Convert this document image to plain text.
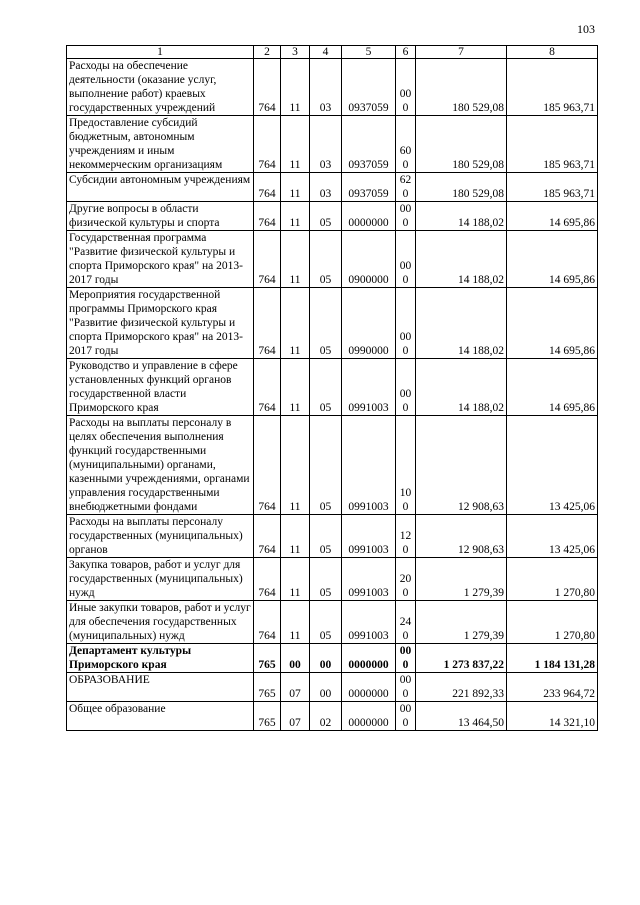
103
1	2	3	4	5	6	7	8
Расходы на обеспечение деятельности (оказание услуг, выполнение работ) краевых государственных учреждений	764	11	03	0937059	000	180 529,08	185 963,71
Предоставление субсидий бюджетным, автономным учреждениям и иным некоммерческим организациям	764	11	03	0937059	600	180 529,08	185 963,71
Субсидии автономным учреждениям	764	11	03	0937059	620	180 529,08	185 963,71
Другие вопросы в области физической культуры и спорта	764	11	05	0000000	000	14 188,02	14 695,86
Государственная программа "Развитие физической культуры и спорта Приморского края" на 2013-2017 годы	764	11	05	0900000	000	14 188,02	14 695,86
Мероприятия государственной программы Приморского края "Развитие физической культуры и спорта Приморского края" на 2013-2017 годы	764	11	05	0990000	000	14 188,02	14 695,86
Руководство и управление в сфере установленных функций органов государственной власти Приморского края	764	11	05	0991003	000	14 188,02	14 695,86
Расходы на выплаты персоналу в целях обеспечения выполнения функций государственными (муниципальными) органами, казенными учреждениями, органами управления государственными внебюджетными фондами	764	11	05	0991003	100	12 908,63	13 425,06
Расходы на выплаты персоналу государственных (муниципальных) органов	764	11	05	0991003	120	12 908,63	13 425,06
Закупка товаров, работ и услуг для государственных (муниципальных) нужд	764	11	05	0991003	200	1 279,39	1 270,80
Иные закупки товаров, работ и услуг для обеспечения государственных (муниципальных) нужд	764	11	05	0991003	240	1 279,39	1 270,80
Департамент культуры Приморского края	765	00	00	0000000	000	1 273 837,22	1 184 131,28
ОБРАЗОВАНИЕ	765	07	00	0000000	000	221 892,33	233 964,72
Общее образование	765	07	02	0000000	000	13 464,50	14 321,10
